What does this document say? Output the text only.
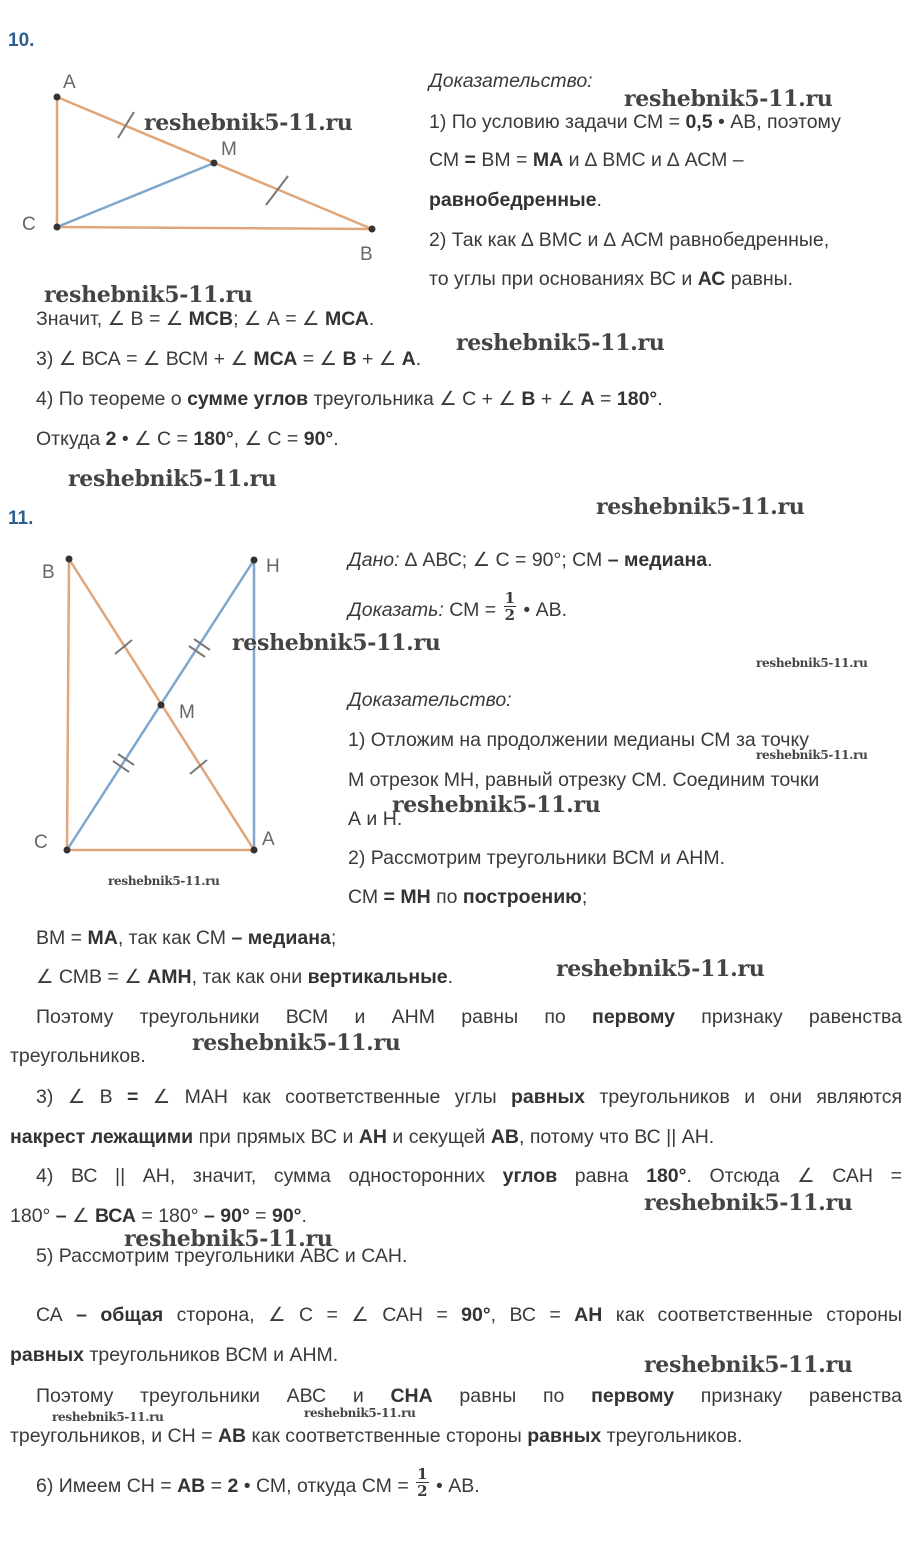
10.
A
M
C
B
Доказательство:
1) По условию задачи СМ = 0,5 • АВ, поэтому
СМ = ВМ = МА и ∆ ВМС и ∆ АСМ –
равнобедренные.
2) Так как ∆ ВМС и ∆ АСМ равнобедренные,
то углы при основаниях ВС и АС равны.
Значит, ∠ В = ∠ МСВ; ∠ А = ∠ МСА.
3) ∠ ВСА = ∠ ВСМ + ∠ МСА = ∠ В + ∠ А.
4) По теореме о сумме углов треугольника ∠ С + ∠ В + ∠ А = 180°.
Откуда 2 • ∠ С = 180°, ∠ С = 90°.
11.
B	H
M
C	A
Дано: ∆ АВС; ∠ С = 90°; СМ – медиана.
Доказать: СМ = $\frac{1}{2}$ • АВ.
Доказательство:
1) Отложим на продолжении медианы СМ за точку
М отрезок МН, равный отрезку СМ. Соединим точки
А и Н.
2) Рассмотрим треугольники ВСМ и АНМ.
СМ = МН по построению;
ВМ = МА, так как СМ – медиана;
∠ СМВ = ∠ АМН, так как они вертикальные.
Поэтому треугольники ВСМ и АНМ равны по первому признаку равенства
треугольников.
3) ∠ В = ∠ МАН как соответственные углы равных треугольников и они являются
накрест лежащими при прямых ВС и АН и секущей АВ, потому что ВС || АН.
4) ВС || АН, значит, сумма односторонних углов равна 180°. Отсюда ∠ САН =
180° – ∠ ВСА = 180° – 90° = 90°.
5) Рассмотрим треугольники АВС и САН.
СА – общая сторона, ∠ С = ∠ САН = 90°, ВС = АН как соответственные стороны
равных треугольников ВСМ и АНМ.
Поэтому треугольники АВС и СНА равны по первому признаку равенства
треугольников, и СН = АВ как соответственные стороны равных треугольников.
6) Имеем СН = АВ = 2 • СМ, откуда СМ = $\frac{1}{2}$ • АВ.
reshebnik5-11.ru
reshebnik5-11.ru
reshebnik5-11.ru
reshebnik5-11.ru
reshebnik5-11.ru
reshebnik5-11.ru
reshebnik5-11.ru
reshebnik5-11.ru
reshebnik5-11.ru
reshebnik5-11.ru
reshebnik5-11.ru
reshebnik5-11.ru
reshebnik5-11.ru
reshebnik5-11.ru
reshebnik5-11.ru
reshebnik5-11.ru
reshebnik5-11.ru	reshebnik5-11.ru
